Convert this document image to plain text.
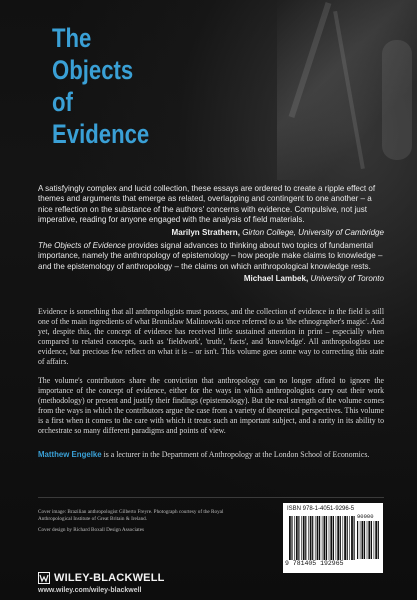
The
Objects
of
Evidence
A satisfyingly complex and lucid collection, these essays are ordered to create a ripple effect of themes and arguments that emerge as related, overlapping and contingent to one another – a nice reflection on the substance of the authors' concerns with evidence. Compulsive, not just imperative, reading for anyone engaged with the analysis of field materials.
Marilyn Strathern, Girton College, University of Cambridge
The Objects of Evidence provides signal advances to thinking about two topics of fundamental importance, namely the anthropology of epistemology – how people make claims to knowledge – and the epistemology of anthropology – the claims on which anthropological knowledge rests.
Michael Lambek, University of Toronto
Evidence is something that all anthropologists must possess, and the collection of evidence in the field is still one of the main ingredients of what Bronislaw Malinowski once referred to as 'the ethnographer's magic'. And yet, despite this, the concept of evidence has received little sustained attention in print – especially when compared to related concepts, such as 'fieldwork', 'truth', 'facts', and 'knowledge'. All anthropologists use evidence, but precious few reflect on what it is – or isn't. This volume goes some way to correcting this state of affairs.
The volume's contributors share the conviction that anthropology can no longer afford to ignore the importance of the concept of evidence, either for the ways in which anthropologists carry out their work (methodology) or present and justify their findings (epistemology). But the real strength of the volume comes from the ways in which the contributors argue the case from a variety of theoretical perspectives. This volume is a first when it comes to the care with which it treats such an important subject, and a rarity in its ability to orchestrate so many different paradigms and points of view.
Matthew Engelke is a lecturer in the Department of Anthropology at the London School of Economics.
Cover image: Brazilian anthropologist Gilberto Freyre. Photograph courtesy of the Royal Anthropological Institute of Great Britain & Ireland.
Cover design by Richard Boxall Design Associates
WILEY-BLACKWELL
www.wiley.com/wiley-blackwell
ISBN 978-1-4051-9296-5
90000
9 781405 192965
